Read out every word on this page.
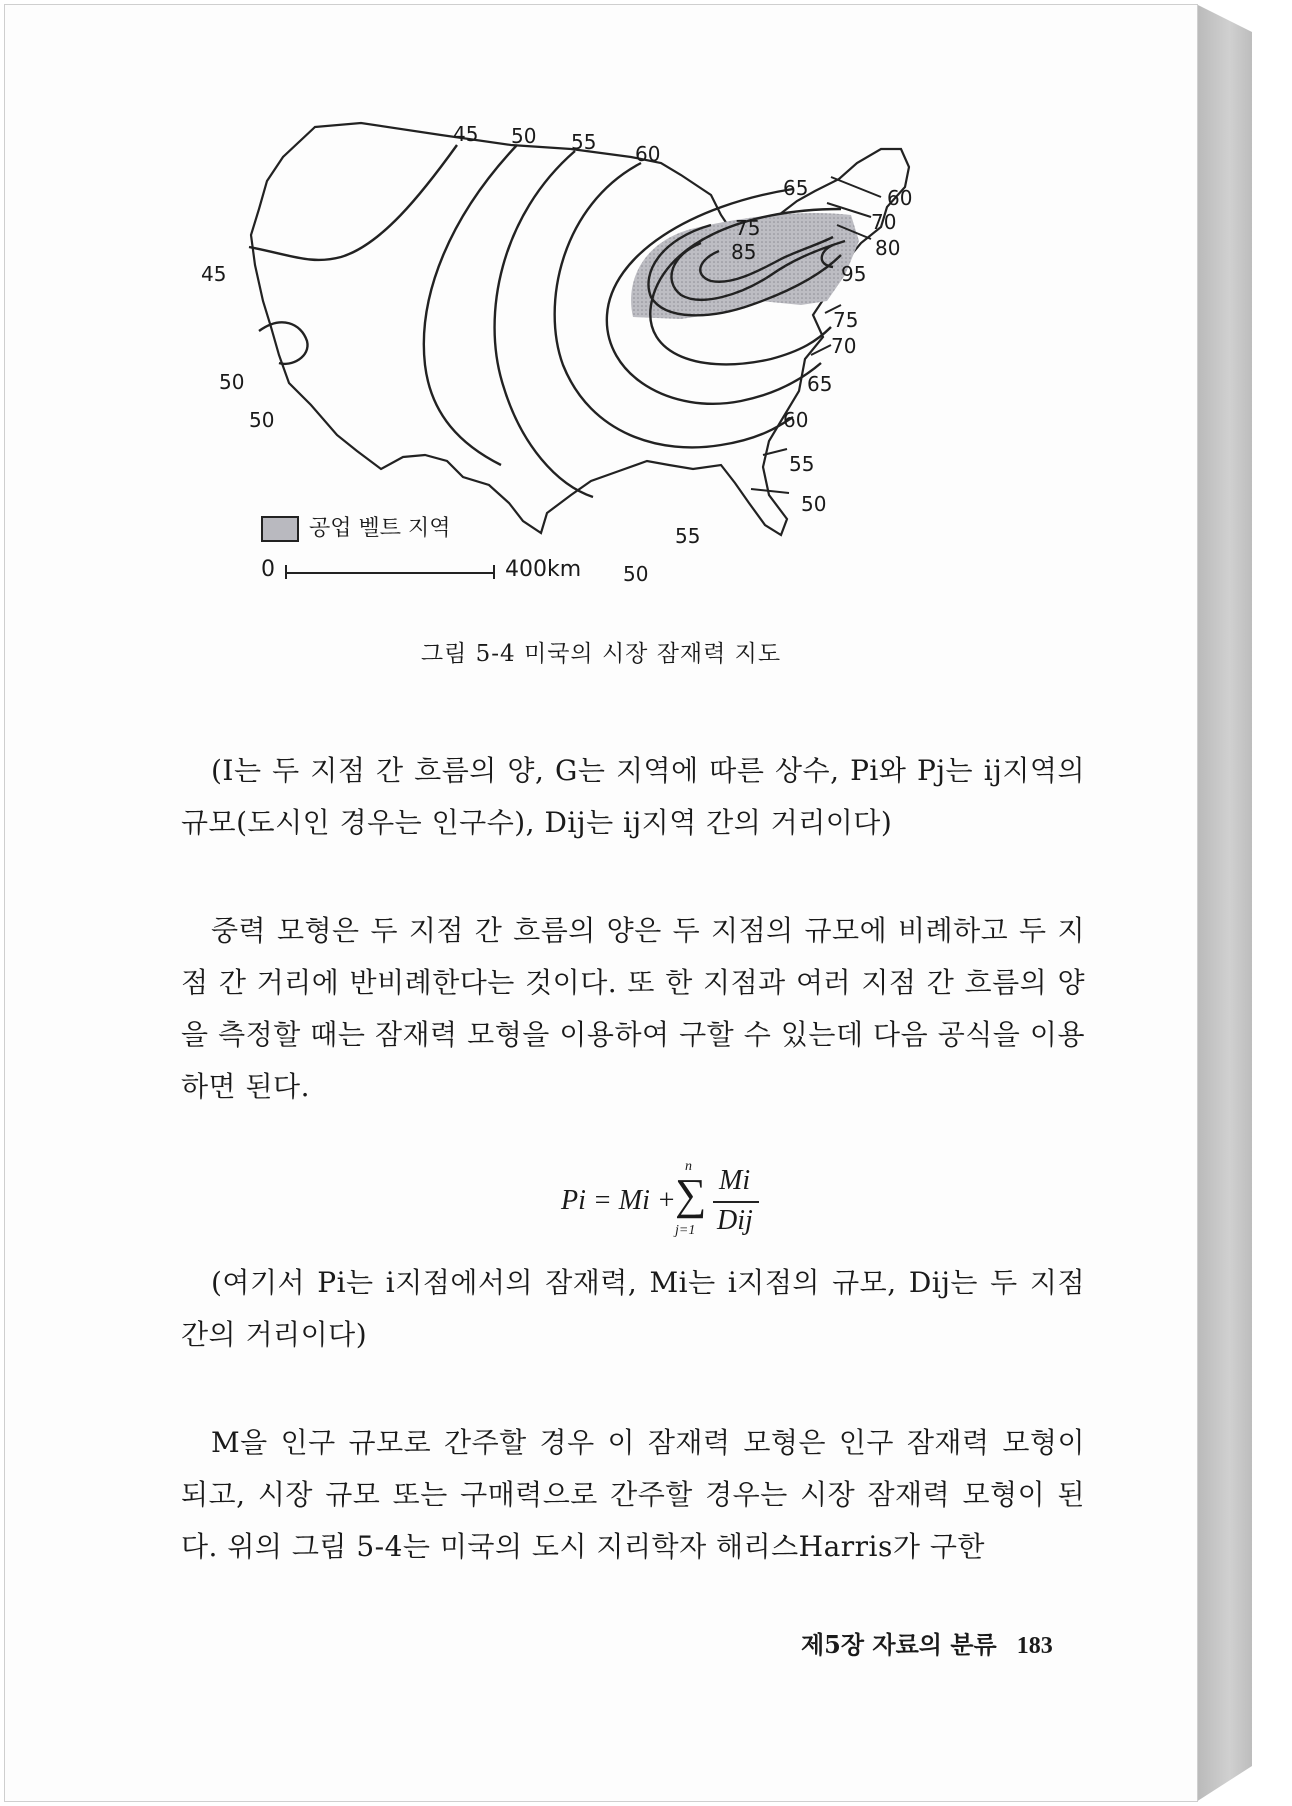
45 50 55 60
65	60
70
75
85	80
95
75
70
65
60
55
50
45
50
50
55
50
공업 벨트 지역
0	400km
그림 5-4 미국의 시장 잠재력 지도
(I는 두 지점 간 흐름의 양, G는 지역에 따른 상수, Pi와 Pj는 ij지역의 규모(도시인 경우는 인구수), Dij는 ij지역 간의 거리이다)
중력 모형은 두 지점 간 흐름의 양은 두 지점의 규모에 비례하고 두 지점 간 거리에 반비례한다는 것이다. 또 한 지점과 여러 지점 간 흐름의 양을 측정할 때는 잠재력 모형을 이용하여 구할 수 있는데 다음 공식을 이용하면 된다.
Pi = Mi +
n
∑
j=1
Mi
Dij
(여기서 Pi는 i지점에서의 잠재력, Mi는 i지점의 규모, Dij는 두 지점 간의 거리이다)
M을 인구 규모로 간주할 경우 이 잠재력 모형은 인구 잠재력 모형이 되고, 시장 규모 또는 구매력으로 간주할 경우는 시장 잠재력 모형이 된다. 위의 그림 5-4는 미국의 도시 지리학자 해리스Harris가 구한
제5장 자료의 분류 183
